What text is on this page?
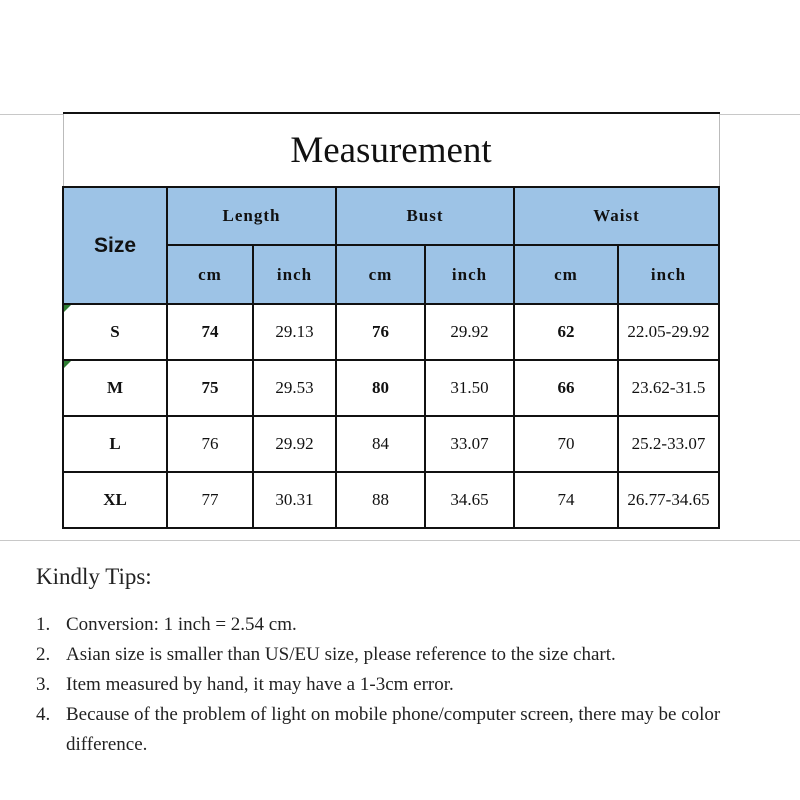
Measurement						
Size	Length		Bust		Waist	
	cm	inch	cm	inch	cm	inch

S	74	29.13	76	29.92	62	22.05-29.92

M	75	29.53	80	31.50	66	23.62-31.5
L	76	29.92	84	33.07	70	25.2-33.07
XL	77	30.31	88	34.65	74	26.77-34.65
Kindly Tips:
1. Conversion: 1 inch = 2.54 cm.
2. Asian size is smaller than US/EU size, please reference to the size chart.
3. Item measured by hand, it may have a 1-3cm error.
4. Because of the problem of light on mobile phone/computer screen, there may be color difference.
